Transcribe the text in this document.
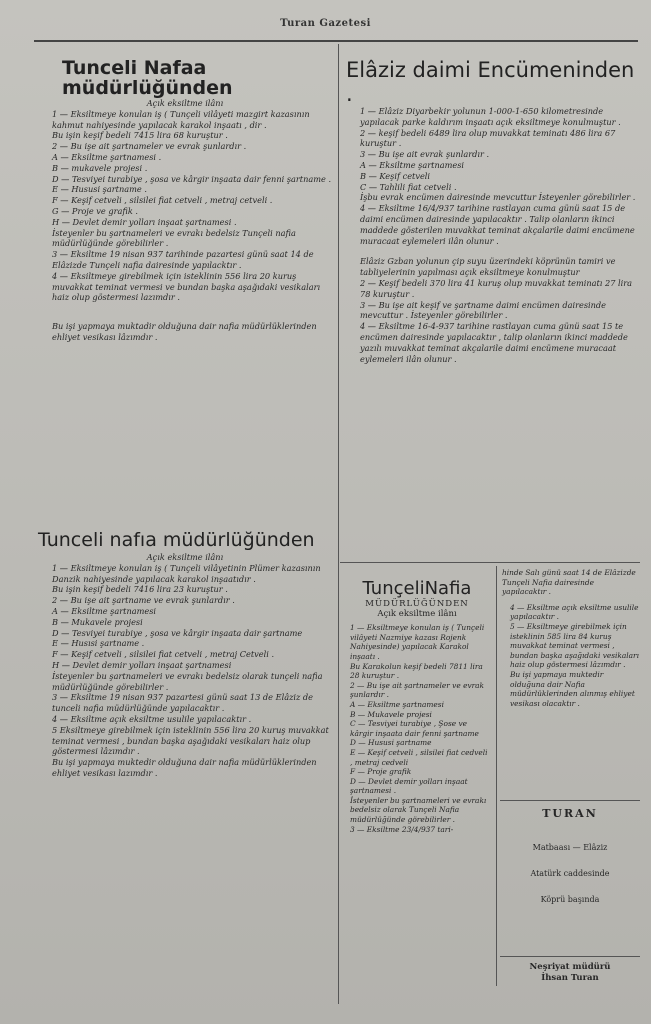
Turan Gazetesi

Tunceli Nafaa müdürlüğünden

Açık eksiltme ilânı

1 — Eksiltmeye konulan iş ( Tunçeli vilâyeti mazgirt kazasının kahmut nahiyesinde yapılacak karakol inşaatı , dir .

Bu işin keşif bedeli 7415 lira 68 kuruştur .

2 — Bu işe ait şartnameler ve evrak şunlardır .

A — Eksiltme şartnamesi .

B — mukavele projesi .

D — Tesviyei turabiye , şosa ve kârgir inşaata dair fenni şartname .

E — Hususi şartname .

F — Keşif cetveli , silsilei fiat cetveli , metraj cetveli .

G — Proje ve grafik .

H — Devlet demir yolları inşaat şartnamesi .

İsteyenler bu şartnameleri ve evrakı bedelsiz Tunçeli nafia müdürlüğünde görebilirler .

3 — Eksiltme 19 nisan 937 tarihinde pazartesi günü saat 14 de Elâzizde Tunçeli nafia dairesinde yapılacktır .

4 — Eksiltmeye girebilmek için isteklinin 556 lira 20 kuruş muvakkat teminat vermesi ve bundan başka aşağıdaki vesikaları haiz olup göstermesi lazımdır .

Bu işi yapmaya muktadir olduğuna dair nafia müdürlüklerinden ehliyet vesikası lâzımdır .

Tunceli nafıa müdürlüğünden

Açık eksiltme ilânı

1 — Eksiltmeye konulan iş ( Tunçeli vilâyetinin Plümer kazasının Danzik nahiyesinde yapılacak karakol inşaatıdır .

Bu işin keşif bedeli 7416 lira 23 kuruştur .

2 — Bu işe ait şartname ve evrak şunlardır .

A — Eksiltme şartnamesi

B — Mukavele projesi

D — Tesviyei turabiye , şosa ve kârgir inşaata dair şartname

E — Husısi şartname .

F — Keşif cetveli , silsilei fiat cetveli , metraj Cetveli .

H — Devlet demir yolları inşaat şartnamesi

İsteyenler bu şartnameleri ve evrakı bedelsiz olarak tunçeli nafia müdürlüğünde görebilirler .

3 — Eksiltme 19 nisan 937 pazartesi günü saat 13 de Elâziz de tunceli nafia müdürlüğünde yapılacaktır .

4 — Eksiltme açık eksiltme usulile yapılacaktır .

5 Eksiltmeye girebilmek için isteklinin 556 lira 20 kuruş muvakkat teminat vermesi , bundan başka aşağıdaki vesikaları haiz olup göstermesi lâzımdır .

Bu işi yapmaya muktedir olduğuna dair nafia müdürlüklerinden ehliyet vesikası lazımdır .

Elâziz daimi Encümeninden .

1 — Elâziz Diyarbekir yolunun 1-000-1-650 kilometresinde yapılacak parke kaldırım inşaatı açık eksiltmeye konulmuştur .

2 — keşif bedeli 6489 lira olup muvakkat teminatı 486 lira 67 kuruştur .

3 — Bu işe ait evrak şunlardır .

A — Eksiltme şartnamesi

B — Keşif cetveli

C — Tahlili fiat cetveli .

İşbu evrak encümen dairesinde mevcuttur İsteyenler görebilirler .

4 — Eksiltme 16/4/937 tarihine rastlayan cuma günü saat 15 de daimi encümen dairesinde yapılacaktır . Talip olanların ikinci maddede gösterilen muvakkat teminat akçalarile daimi encümene muracaat eylemeleri ilân olunur .

Elâziz Gzban yolunun çip suyu üzerindeki köprünün tamiri ve tabliyelerinin yapılması açık eksiltmeye konulmuştur

2 — Keşif bedeli 370 lira 41 kuruş olup muvakkat teminatı 27 lira 78 kuruştur .

3 — Bu işe ait keşif ve şartname daimi encümen dairesinde mevcuttur . İsteyenler görebilirler .

4 — Eksiltme 16-4-937 tarihine rastlayan cuma günü saat 15 te encümen dairesinde yapılacaktır , talip olanların ikinci maddede yazılı muvakkat teminat akçalarile daimi encümene muracaat eylemeleri ilân olunur .

TunçeliNafia

MÜDÜRLÜĞÜNDEN

Açık eksiltme ilânı

1 — Eksiltmeye konulan iş ( Tunçeli vilâyeti Nazmiye kazası Rojenk Nahiyesinde) yapılacak Karakol inşaatı .

Bu Karakolun keşif bedeli 7811 lira 28 kuruştur .

2 — Bu işe ait şartnameler ve evrak şunlardır .

A — Eksiltme şartnamesi

B — Mukavele projesi

C — Tesviyei turabiye , Şose ve kârgir inşaata dair fenni şartname

D — Hususi şartname

E — Keşif cetveli , silsilei fiat cedveli , metraj cedveli

F — Proje grafik

D — Devlet demir yolları inşaat şartnamesi .

İsteyenler bu şartnameleri ve evrakı bedelsiz olarak Tunçeli Nafia müdürlüğünde görebilirler .

3 — Eksiltme 23/4/937 tari-

hinde Salı günü saat 14 de Elâzizde Tunçeli Nafia dairesinde yapılacaktır .

4 — Eksiltme açık eksiltme usulile yapılacaktır .

5 — Eksiltmeye girebilmek için isteklinin 585 lira 84 kuruş muvakkat teminat vermesi , bundan başka aşağıdaki vesikaları haiz olup göstermesi lâzımdır .

Bu işi yapmaya muktedir olduğuna dair Nafia müdürlüklerinden alınmış ehliyet vesikası olacaktır .

TURAN
Matbaası — Elâziz
Atatürk caddesinde
Köprü başında
Neşriyat müdürü
İhsan Turan
